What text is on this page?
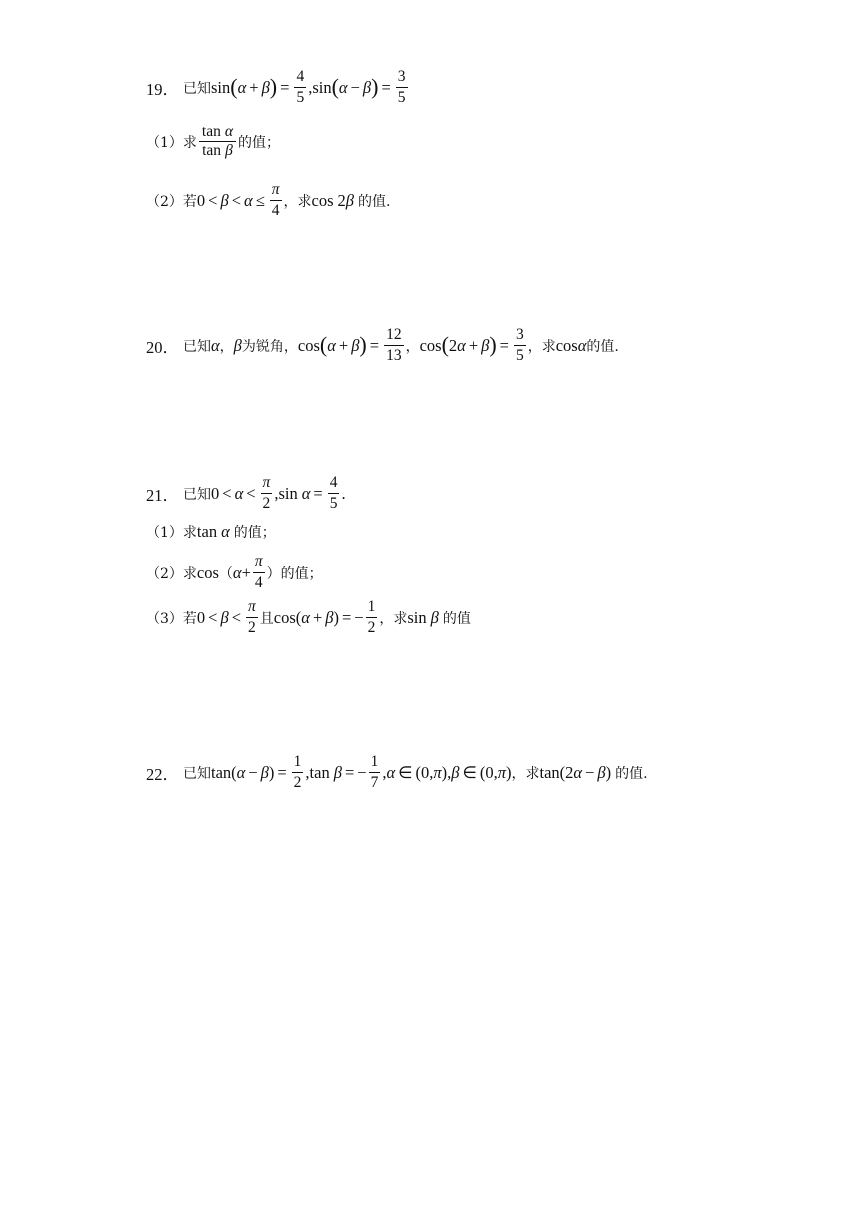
19． 已知 sin ( α + β ) = $\frac{4}{5}$ , sin ( α − β ) = $\frac{3}{5}$
（1）求 $\frac{\text{tan α}}{\text{tan β}}$ 的值；
（2）若 $0 < \beta < \alpha \le \frac{\pi}{4}$ ，求 cos 2 β 的值.
20． 已知 α ， β 为锐角， cos ( α + β ) = $\frac{12}{13}$ ， cos ( 2 α + β ) = $\frac{3}{5}$ ，求 cos α 的值.
21． 已知 $0 < \alpha < \frac{\pi}{2}$ , $\sin \alpha = \frac{4}{5}$ .
（1）求 tan α 的值；
（2）求 cos （ $\alpha + \frac{\pi}{4}$ ） 的值；
（3）若 $0 < \beta < \frac{\pi}{2}$ 且 cos( α + β ) = − $\frac{1}{2}$ ，求 sin β 的值
22． 已知 tan( α − β ) = $\frac{1}{2}$ , tan β = − $\frac{1}{7}$ , α ∈ (0, π ), β ∈ (0, π ) ，求 tan(2 α − β ) 的值.
